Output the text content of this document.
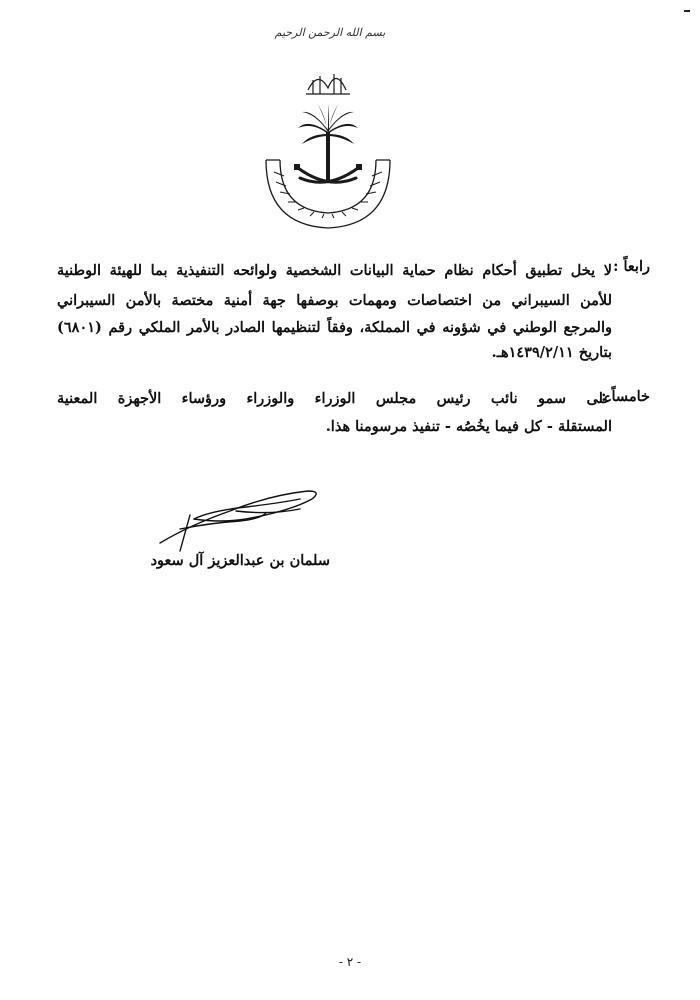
بسم الله الرحمن الرحيم
رابعاً :
لا يخل تطبيق أحكام نظام حماية البيانات الشخصية ولوائحه التنفيذية بما للهيئة الوطنية
للأمن السيبراني من اختصاصات ومهمات بوصفها جهة أمنية مختصة بالأمن السيبراني
والمرجع الوطني في شؤونه في المملكة، وفقاً لتنظيمها الصادر بالأمر الملكي رقم (٦٨٠١)
بتاريخ ١٤٣٩/٢/١١هـ.
خامساً :
على سمو نائب رئيس مجلس الوزراء والوزراء ورؤساء الأجهزة المعنية
المستقلة - كل فيما يخُصُه - تنفيذ مرسومنا هذا.
سلمان بن عبدالعزيز آل سعود
- ٢ -
